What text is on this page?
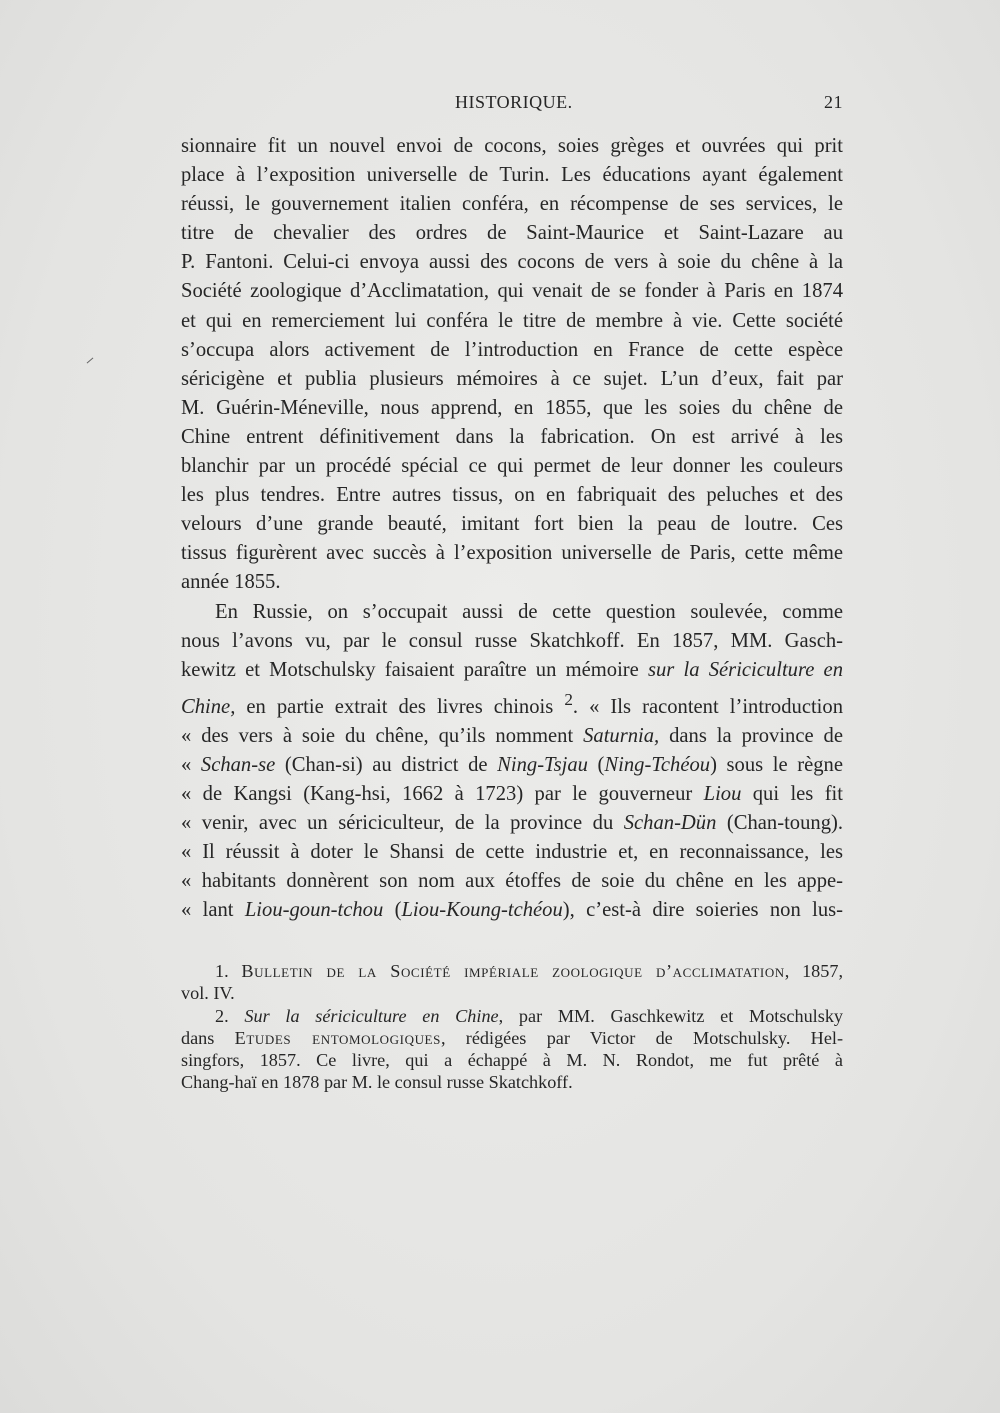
HISTORIQUE.	21
sionnaire fit un nouvel envoi de cocons, soies grèges et ouvrées qui prit
place à l’exposition universelle de Turin. Les éducations ayant également
réussi, le gouvernement italien conféra, en récompense de ses services, le
titre de chevalier des ordres de Saint-Maurice et Saint-Lazare au
P. Fantoni. Celui-ci envoya aussi des cocons de vers à soie du chêne à la
Société zoologique d’Acclimatation, qui venait de se fonder à Paris en 1874
et qui en remerciement lui conféra le titre de membre à vie. Cette société
s’occupa alors activement de l’introduction en France de cette espèce
séricigène et publia plusieurs mémoires à ce sujet. L’un d’eux, fait par
M. Guérin-Méneville, nous apprend, en 1855, que les soies du chêne de
Chine entrent définitivement dans la fabrication. On est arrivé à les
blanchir par un procédé spécial ce qui permet de leur donner les couleurs
les plus tendres. Entre autres tissus, on en fabriquait des peluches et des
velours d’une grande beauté, imitant fort bien la peau de loutre. Ces
tissus figurèrent avec succès à l’exposition universelle de Paris, cette même
année 1855.
En Russie, on s’occupait aussi de cette question soulevée, comme
nous l’avons vu, par le consul russe Skatchkoff. En 1857, MM. Gasch-
kewitz et Motschulsky faisaient paraître un mémoire sur la Sériciculture en
Chine, en partie extrait des livres chinois $^2$. « Ils racontent l’introduction
« des vers à soie du chêne, qu’ils nomment Saturnia, dans la province de
« Schan-se (Chan-si) au district de Ning-Tsjau (Ning-Tchéou) sous le règne
« de Kangsi (Kang-hsi, 1662 à 1723) par le gouverneur Liou qui les fit
« venir, avec un sériciculteur, de la province du Schan-Dün (Chan-toung).
« Il réussit à doter le Shansi de cette industrie et, en reconnaissance, les
« habitants donnèrent son nom aux étoffes de soie du chêne en les appe-
« lant Liou-goun-tchou (Liou-Koung-tchéou), c’est-à dire soieries non lus-
1. Bulletin de la Société impériale zoologique d’acclimatation, 1857,
vol. IV.
2. Sur la sériciculture en Chine, par MM. Gaschkewitz et Motschulsky
dans Etudes entomologiques, rédigées par Victor de Motschulsky. Hel-
singfors, 1857. Ce livre, qui a échappé à M. N. Rondot, me fut prêté à
Chang-haï en 1878 par M. le consul russe Skatchkoff.
